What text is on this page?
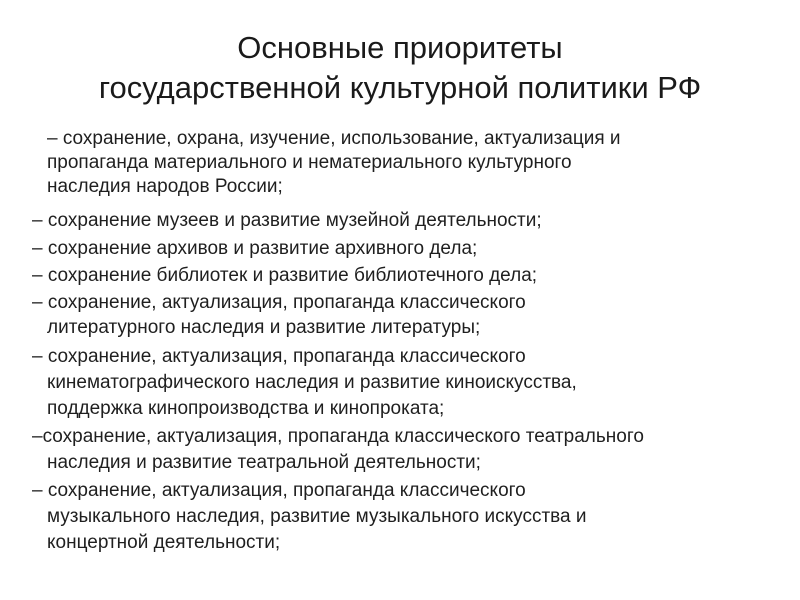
Основные приоритеты
государственной культурной политики РФ
– сохранение, охрана, изучение, использование, актуализация и
пропаганда материального и нематериального культурного
наследия народов России;
– сохранение музеев и развитие музейной деятельности;
– сохранение архивов и развитие архивного дела;
– сохранение библиотек и развитие библиотечного дела;
– сохранение, актуализация, пропаганда классического
литературного наследия и развитие литературы;
– сохранение, актуализация, пропаганда классического
кинематографического наследия и развитие киноискусства,
поддержка кинопроизводства и кинопроката;
–сохранение, актуализация, пропаганда классического театрального
наследия и развитие театральной деятельности;
– сохранение, актуализация, пропаганда классического
музыкального наследия, развитие музыкального искусства и
концертной деятельности;
